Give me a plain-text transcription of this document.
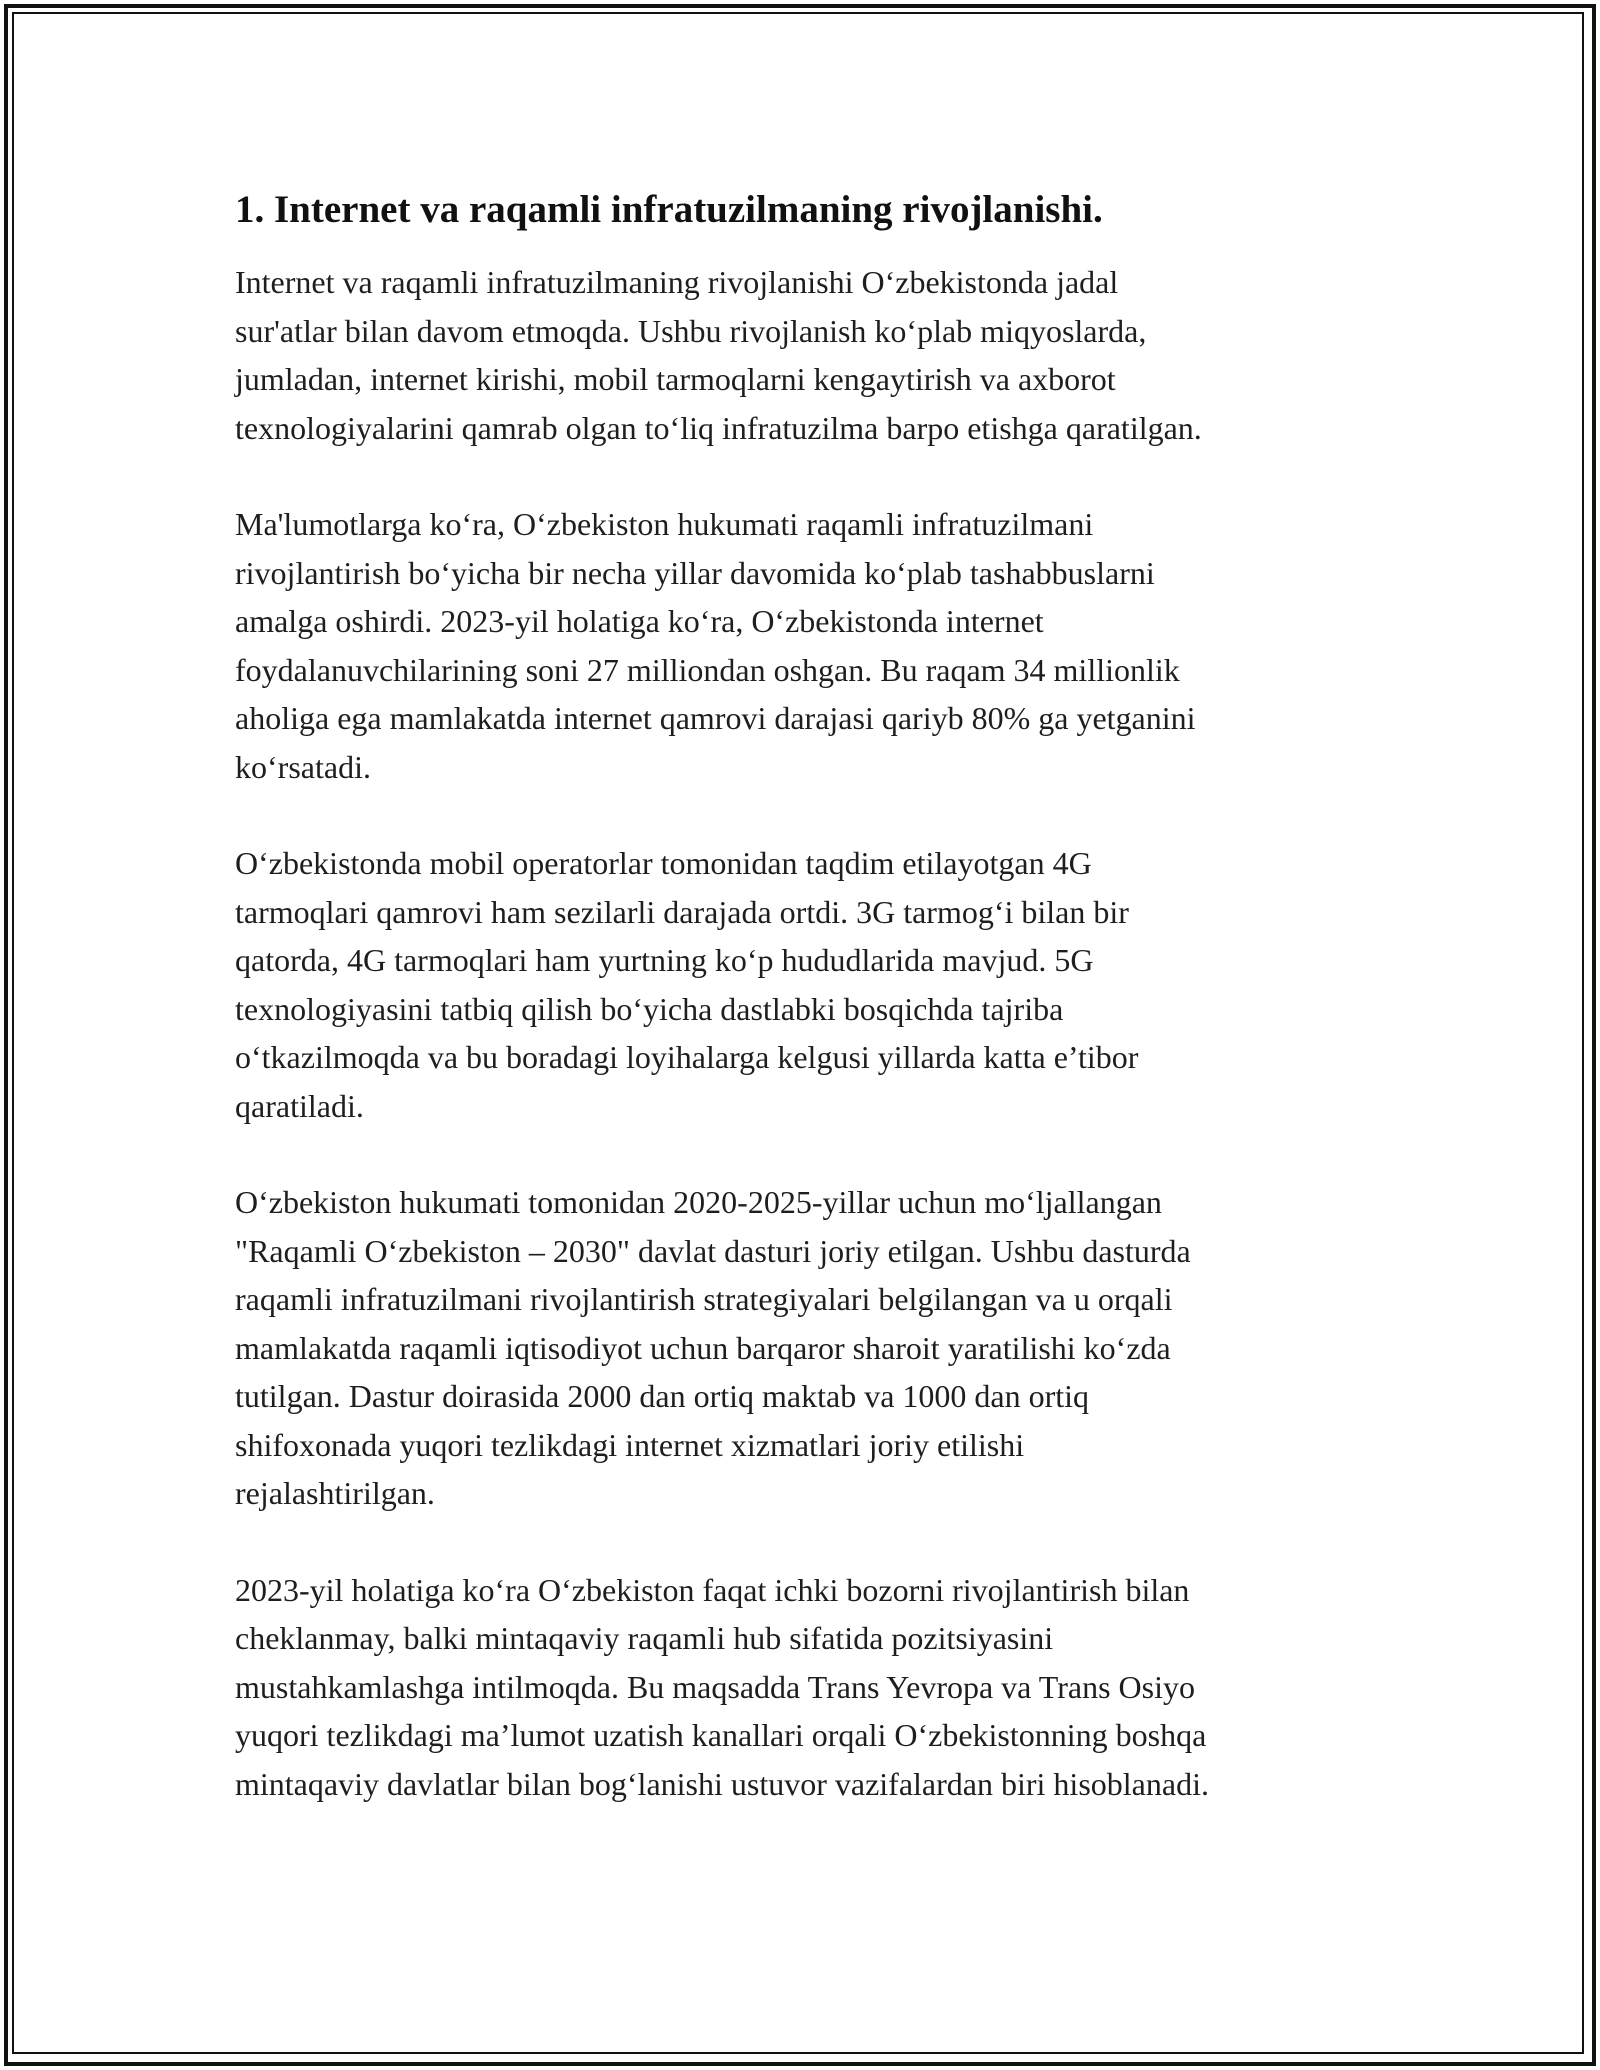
1. Internet va raqamli infratuzilmaning rivojlanishi.

Internet va raqamli infratuzilmaning rivojlanishi O‘zbekistonda jadal
sur'atlar bilan davom etmoqda. Ushbu rivojlanish ko‘plab miqyoslarda,
jumladan, internet kirishi, mobil tarmoqlarni kengaytirish va axborot
texnologiyalarini qamrab olgan to‘liq infratuzilma barpo etishga qaratilgan.

Ma'lumotlarga ko‘ra, O‘zbekiston hukumati raqamli infratuzilmani
rivojlantirish bo‘yicha bir necha yillar davomida ko‘plab tashabbuslarni
amalga oshirdi. 2023-yil holatiga ko‘ra, O‘zbekistonda internet
foydalanuvchilarining soni 27 milliondan oshgan. Bu raqam 34 millionlik
aholiga ega mamlakatda internet qamrovi darajasi qariyb 80% ga yetganini
ko‘rsatadi.

O‘zbekistonda mobil operatorlar tomonidan taqdim etilayotgan 4G
tarmoqlari qamrovi ham sezilarli darajada ortdi. 3G tarmog‘i bilan bir
qatorda, 4G tarmoqlari ham yurtning ko‘p hududlarida mavjud. 5G
texnologiyasini tatbiq qilish bo‘yicha dastlabki bosqichda tajriba
o‘tkazilmoqda va bu boradagi loyihalarga kelgusi yillarda katta e’tibor
qaratiladi.

O‘zbekiston hukumati tomonidan 2020-2025-yillar uchun mo‘ljallangan
"Raqamli O‘zbekiston – 2030" davlat dasturi joriy etilgan. Ushbu dasturda
raqamli infratuzilmani rivojlantirish strategiyalari belgilangan va u orqali
mamlakatda raqamli iqtisodiyot uchun barqaror sharoit yaratilishi ko‘zda
tutilgan. Dastur doirasida 2000 dan ortiq maktab va 1000 dan ortiq
shifoxonada yuqori tezlikdagi internet xizmatlari joriy etilishi
rejalashtirilgan.

2023-yil holatiga ko‘ra O‘zbekiston faqat ichki bozorni rivojlantirish bilan
cheklanmay, balki mintaqaviy raqamli hub sifatida pozitsiyasini
mustahkamlashga intilmoqda. Bu maqsadda Trans Yevropa va Trans Osiyo
yuqori tezlikdagi ma’lumot uzatish kanallari orqali O‘zbekistonning boshqa
mintaqaviy davlatlar bilan bog‘lanishi ustuvor vazifalardan biri hisoblanadi.
